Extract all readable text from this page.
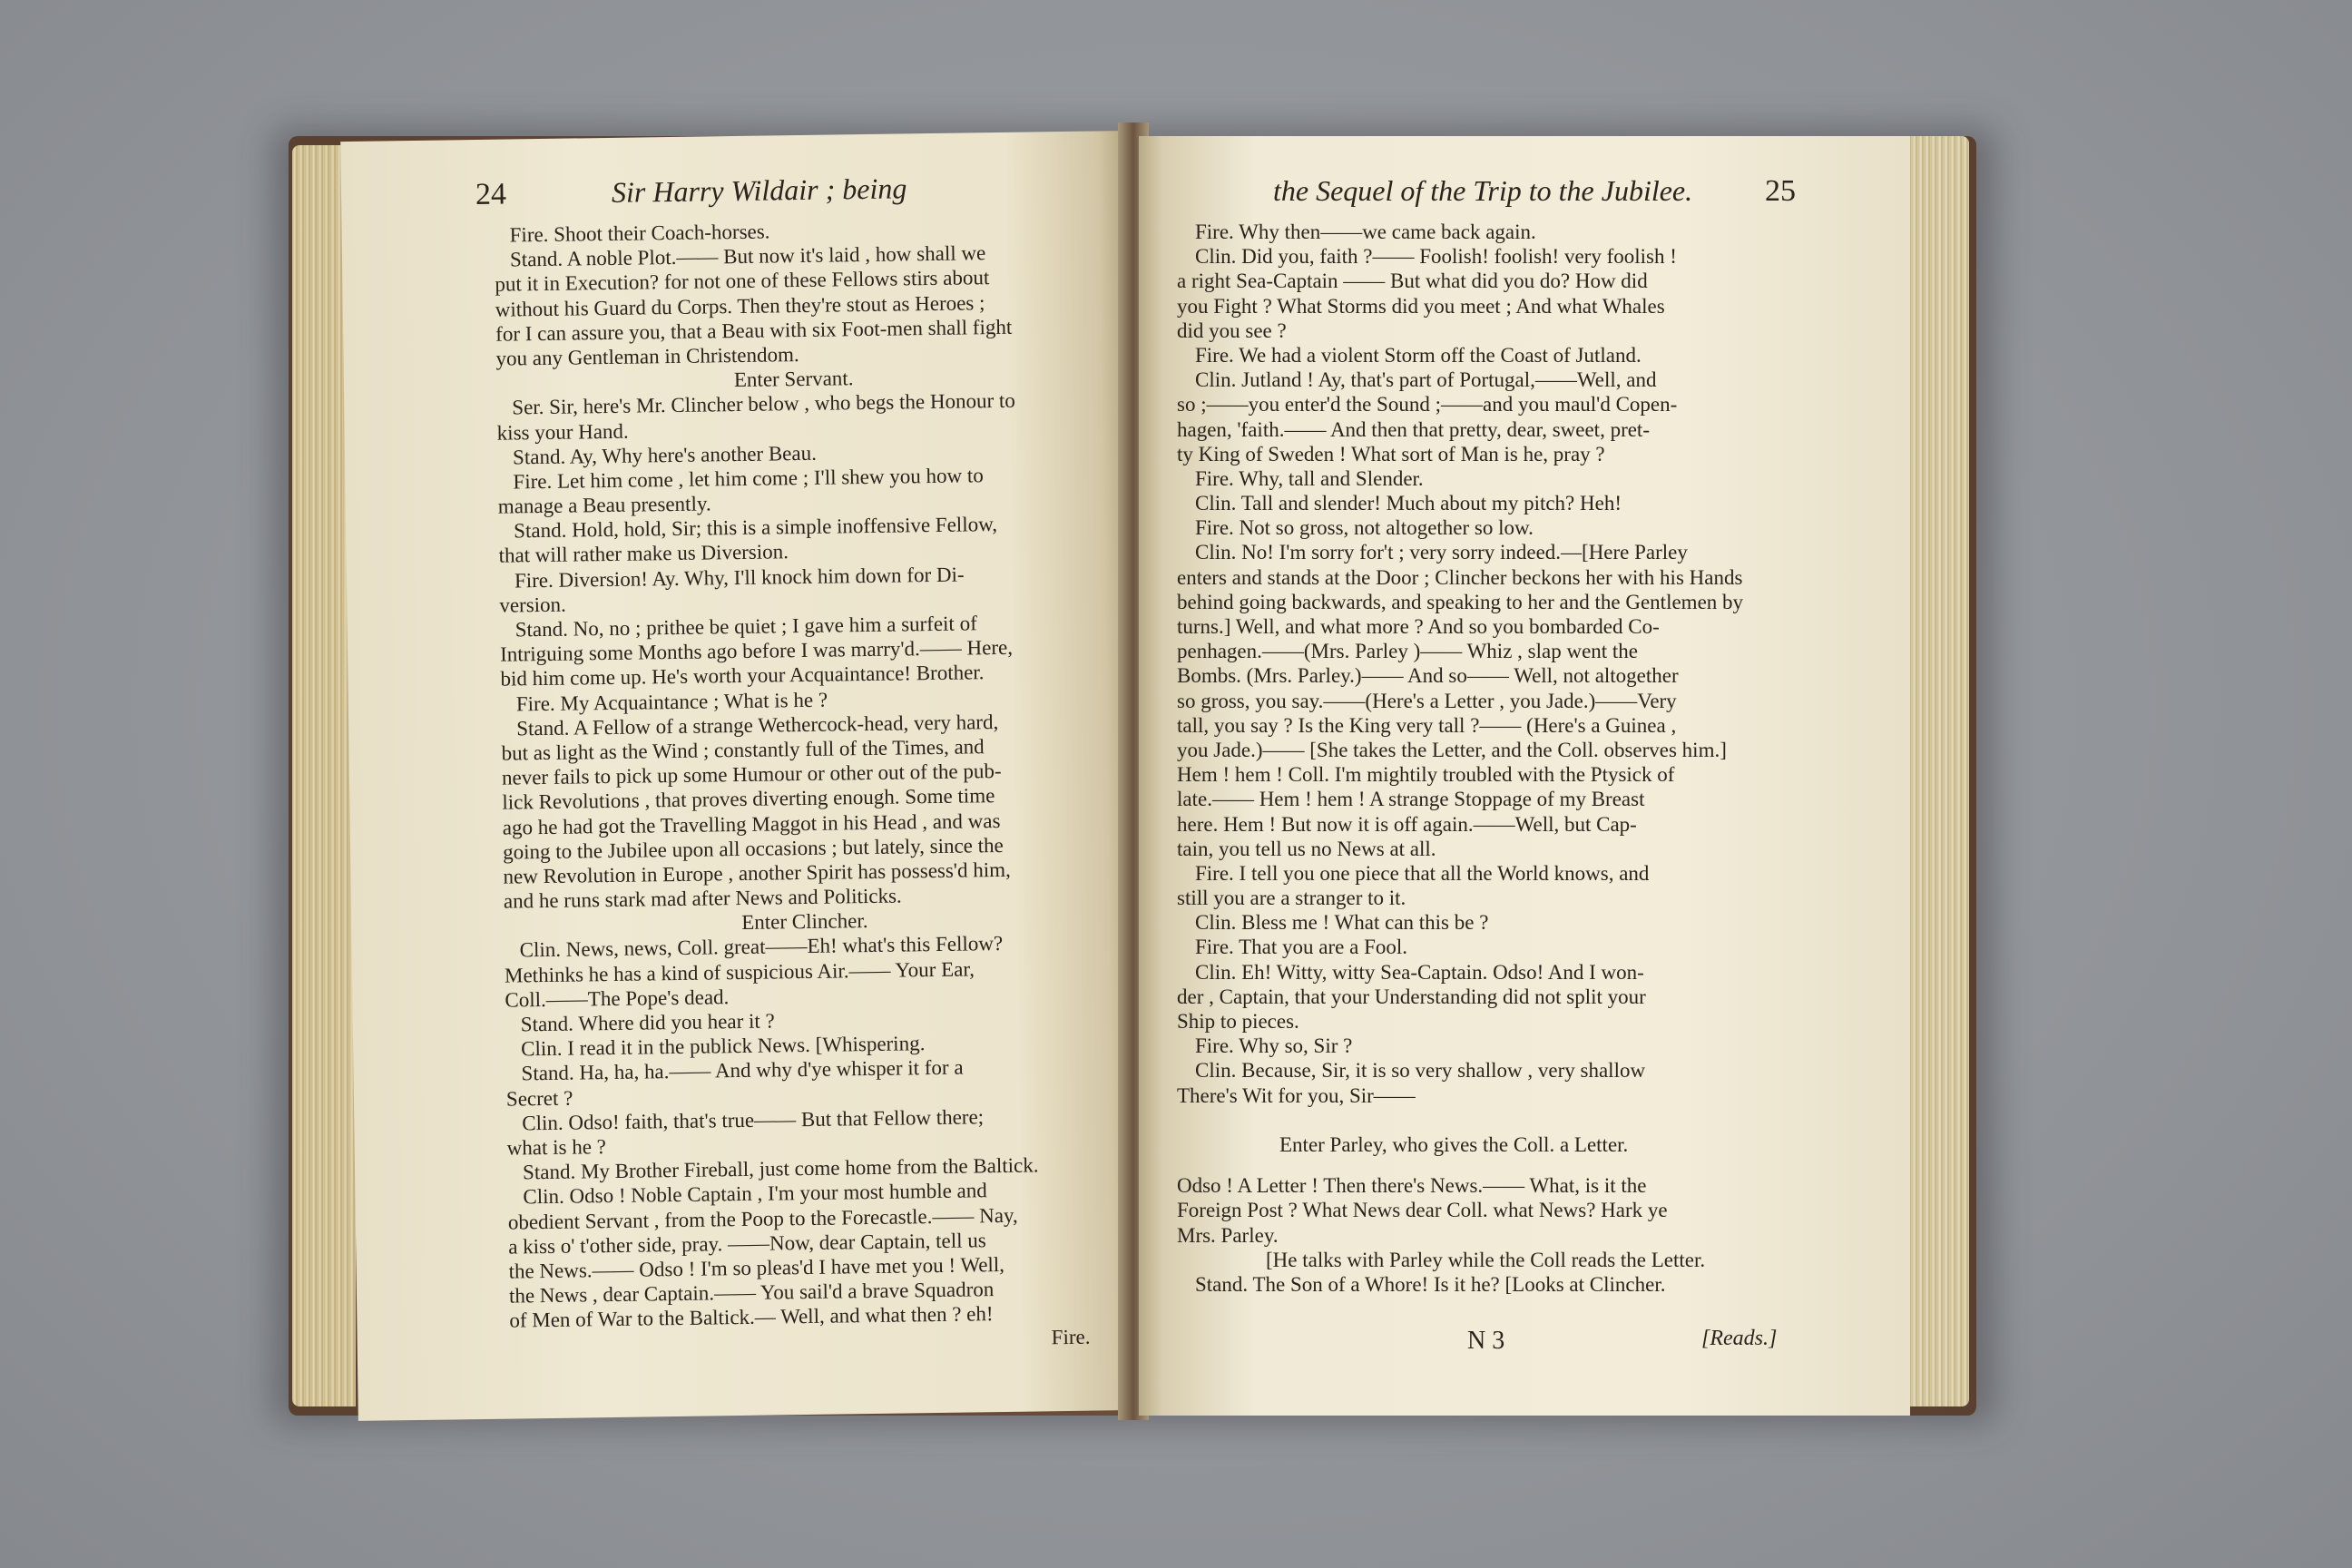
24	Sir Harry Wildair ; being
Fire. Shoot their Coach-horses.
Stand. A noble Plot.—— But now it's laid , how shall we
put it in Execution? for not one of these Fellows stirs about
without his Guard du Corps. Then they're stout as Heroes ;
for I can assure you, that a Beau with six Foot-men shall fight
you any Gentleman in Christendom.
Enter Servant.
Ser. Sir, here's Mr. Clincher below , who begs the Honour to
kiss your Hand.
Stand. Ay, Why here's another Beau.
Fire. Let him come , let him come ; I'll shew you how to
manage a Beau presently.
Stand. Hold, hold, Sir; this is a simple inoffensive Fellow,
that will rather make us Diversion.
Fire. Diversion! Ay. Why, I'll knock him down for Di-
version.
Stand. No, no ; prithee be quiet ; I gave him a surfeit of
Intriguing some Months ago before I was marry'd.—— Here,
bid him come up. He's worth your Acquaintance! Brother.
Fire. My Acquaintance ; What is he ?
Stand. A Fellow of a strange Wethercock-head, very hard,
but as light as the Wind ; constantly full of the Times, and
never fails to pick up some Humour or other out of the pub-
lick Revolutions , that proves diverting enough. Some time
ago he had got the Travelling Maggot in his Head , and was
going to the Jubilee upon all occasions ; but lately, since the
new Revolution in Europe , another Spirit has possess'd him,
and he runs stark mad after News and Politicks.
Enter Clincher.
Clin. News, news, Coll. great——Eh! what's this Fellow?
Methinks he has a kind of suspicious Air.—— Your Ear,
Coll.——The Pope's dead.
Stand. Where did you hear it ?
Clin. I read it in the publick News. [Whispering.
Stand. Ha, ha, ha.—— And why d'ye whisper it for a
Secret ?
Clin. Odso! faith, that's true—— But that Fellow there;
what is he ?
Stand. My Brother Fireball, just come home from the Baltick.
Clin. Odso ! Noble Captain , I'm your most humble and
obedient Servant , from the Poop to the Forecastle.—— Nay,
a kiss o' t'other side, pray. ——Now, dear Captain, tell us
the News.—— Odso ! I'm so pleas'd I have met you ! Well,
the News , dear Captain.—— You sail'd a brave Squadron
of Men of War to the Baltick.— Well, and what then ? eh!
Fire.
the Sequel of the Trip to the Jubilee. 25
Fire. Why then——we came back again.
Clin. Did you, faith ?—— Foolish! foolish! very foolish !
a right Sea-Captain —— But what did you do? How did
you Fight ? What Storms did you meet ; And what Whales
did you see ?
Fire. We had a violent Storm off the Coast of Jutland.
Clin. Jutland ! Ay, that's part of Portugal,——Well, and
so ;——you enter'd the Sound ;——and you maul'd Copen-
hagen, 'faith.—— And then that pretty, dear, sweet, pret-
ty King of Sweden ! What sort of Man is he, pray ?
Fire. Why, tall and Slender.
Clin. Tall and slender! Much about my pitch? Heh!
Fire. Not so gross, not altogether so low.
Clin. No! I'm sorry for't ; very sorry indeed.—[Here Parley
enters and stands at the Door ; Clincher beckons her with his Hands
behind going backwards, and speaking to her and the Gentlemen by
turns.] Well, and what more ? And so you bombarded Co-
penhagen.——(Mrs. Parley )—— Whiz , slap went the
Bombs. (Mrs. Parley.)—— And so—— Well, not altogether
so gross, you say.——(Here's a Letter , you Jade.)——Very
tall, you say ? Is the King very tall ?—— (Here's a Guinea ,
you Jade.)—— [She takes the Letter, and the Coll. observes him.]
Hem ! hem ! Coll. I'm mightily troubled with the Ptysick of
late.—— Hem ! hem ! A strange Stoppage of my Breast
here. Hem ! But now it is off again.——Well, but Cap-
tain, you tell us no News at all.
Fire. I tell you one piece that all the World knows, and
still you are a stranger to it.
Clin. Bless me ! What can this be ?
Fire. That you are a Fool.
Clin. Eh! Witty, witty Sea-Captain. Odso! And I won-
der , Captain, that your Understanding did not split your
Ship to pieces.
Fire. Why so, Sir ?
Clin. Because, Sir, it is so very shallow , very shallow
There's Wit for you, Sir——
Enter Parley, who gives the Coll. a Letter.
Odso ! A Letter ! Then there's News.—— What, is it the
Foreign Post ? What News dear Coll. what News? Hark ye
Mrs. Parley.
[He talks with Parley while the Coll reads the Letter.
Stand. The Son of a Whore! Is it he? [Looks at Clincher.
N 3	[Reads.]
